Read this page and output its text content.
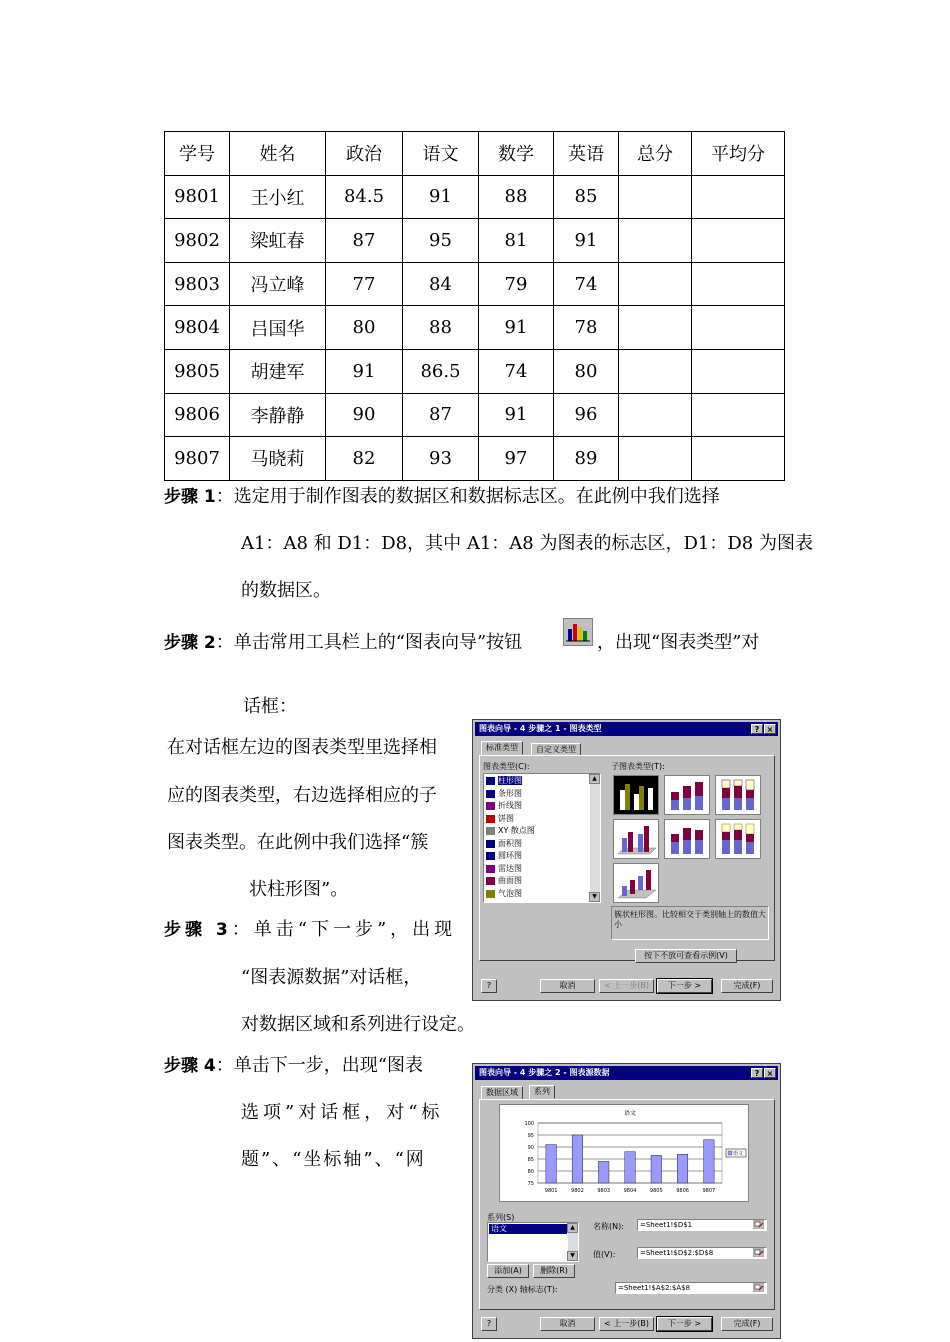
学号	姓名	政治	语文	数学	英语	总分	平均分
9801	王小红	84.5	91	88	85		
9802	梁虹春	87	95	81	91		
9803	冯立峰	77	84	79	74		
9804	吕国华	80	88	91	78		
9805	胡建军	91	86.5	74	80		
9806	李静静	90	87	91	96		
9807	马晓莉	82	93	97	89		
步骤 1：选定用于制作图表的数据区和数据标志区。在此例中我们选择
A1：A8 和 D1：D8，其中 A1：A8 为图表的标志区，D1：D8 为图表
的数据区。
步骤 2：单击常用工具栏上的“图表向导”按钮	，出现“图表类型”对
话框：
在对话框左边的图表类型里选择相
应的图表类型，右边选择相应的子
图表类型。在此例中我们选择“簇
状柱形图”。
步骤 3：单击“下一步”，出现
“图表源数据”对话框，
对数据区域和系列进行设定。
步骤 4：单击下一步，出现“图表
选项”对话框，对“标
题”、“坐标轴”、“网
图表向导 - 4 步骤之 1 - 图表类型	? ×
标准类型	自定义类型
图表类型(C):	子图表类型(T):
柱形图
条形图
折线图
饼图
XY 散点图
面积图
圆环图
雷达图
曲面图
气泡图
▲
▼
簇状柱形图。比较相交于类别轴上的数值大小
按下不放可查看示例(V)
?	取消	< 上一步(B)	下一步 >	完成(F)
图表向导 - 4 步骤之 2 - 图表源数据	? ×
数据区域	系列
语文
100
95
90
85
80
75
9801	9802	9803	9804	9805	9806	9807
语文
系列(S)
语文	▲
▼
添加(A)	删除(R)
名称(N):	=Sheet1!$D$1
值(V):	=Sheet1!$D$2:$D$8
分类 (X) 轴标志(T):	=Sheet1!$A$2:$A$8
?	取消	< 上一步(B)	下一步 >	完成(F)
